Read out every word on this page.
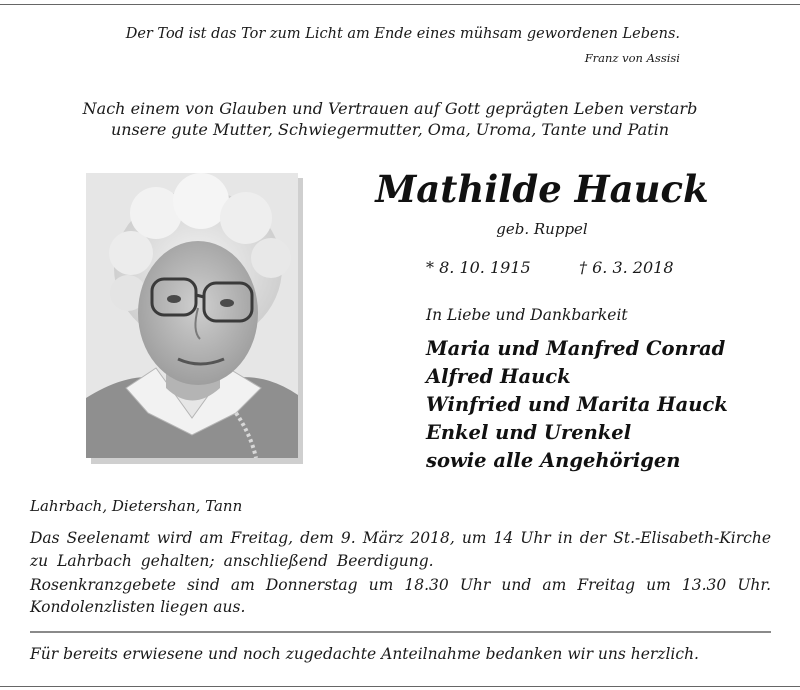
Der Tod ist das Tor zum Licht am Ende eines mühsam gewordenen Lebens.
Franz von Assisi
Nach einem von Glauben und Vertrauen auf Gott geprägten Leben verstarb
unsere gute Mutter, Schwiegermutter, Oma, Uroma, Tante und Patin
Mathilde Hauck
geb. Ruppel
* 8. 10. 1915	† 6. 3. 2018
In Liebe und Dankbarkeit
Maria und Manfred Conrad
Alfred Hauck
Winfried und Marita Hauck
Enkel und Urenkel
sowie alle Angehörigen
Lahrbach, Dietershan, Tann
Das Seelenamt wird am Freitag, dem 9. März 2018, um 14 Uhr in der St.-Elisabeth-Kirche
zu Lahrbach gehalten; anschließend Beerdigung.
Rosenkranzgebete sind am Donnerstag um 18.30 Uhr und am Freitag um 13.30 Uhr.
Kondolenzlisten liegen aus.
Für bereits erwiesene und noch zugedachte Anteilnahme bedanken wir uns herzlich.
